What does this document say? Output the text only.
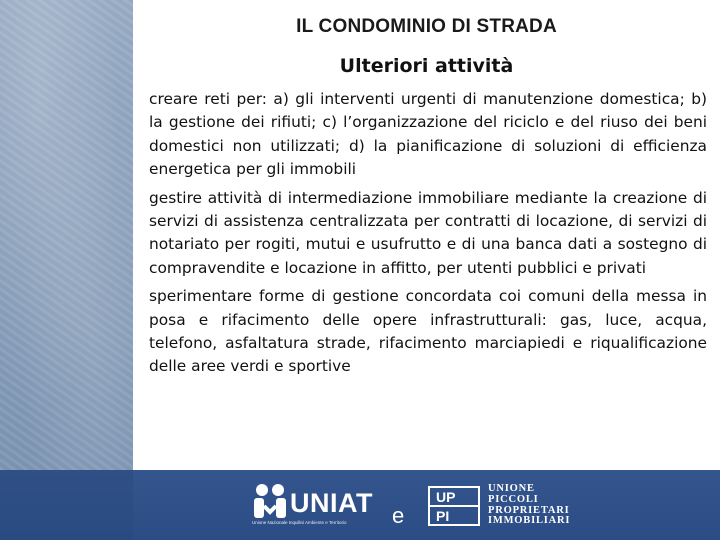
IL CONDOMINIO DI STRADA
Ulteriori attività

creare reti per: a) gli interventi urgenti di manutenzione domestica; b) la gestione dei rifiuti; c) l’organizzazione del riciclo e del riuso dei beni domestici non utilizzati; d) la pianificazione di soluzioni di efficienza energetica per gli immobili

gestire attività di intermediazione immobiliare mediante la creazione di servizi di assistenza centralizzata per contratti di locazione, di servizi di notariato per rogiti, mutui e usufrutto e di una banca dati a sostegno di compravendite e locazione in affitto, per utenti pubblici e privati

sperimentare forme di gestione concordata coi comuni della messa in posa e rifacimento delle opere infrastrutturali: gas, luce, acqua, telefono, asfaltatura strade, rifacimento marciapiedi e riqualificazione delle aree verdi e sportive

UNIAT
Unione Nazionale Inquilini Ambiente e Territorio	e
UP
PI
UNIONE
PICCOLI
PROPRIETARI
IMMOBILIARI
